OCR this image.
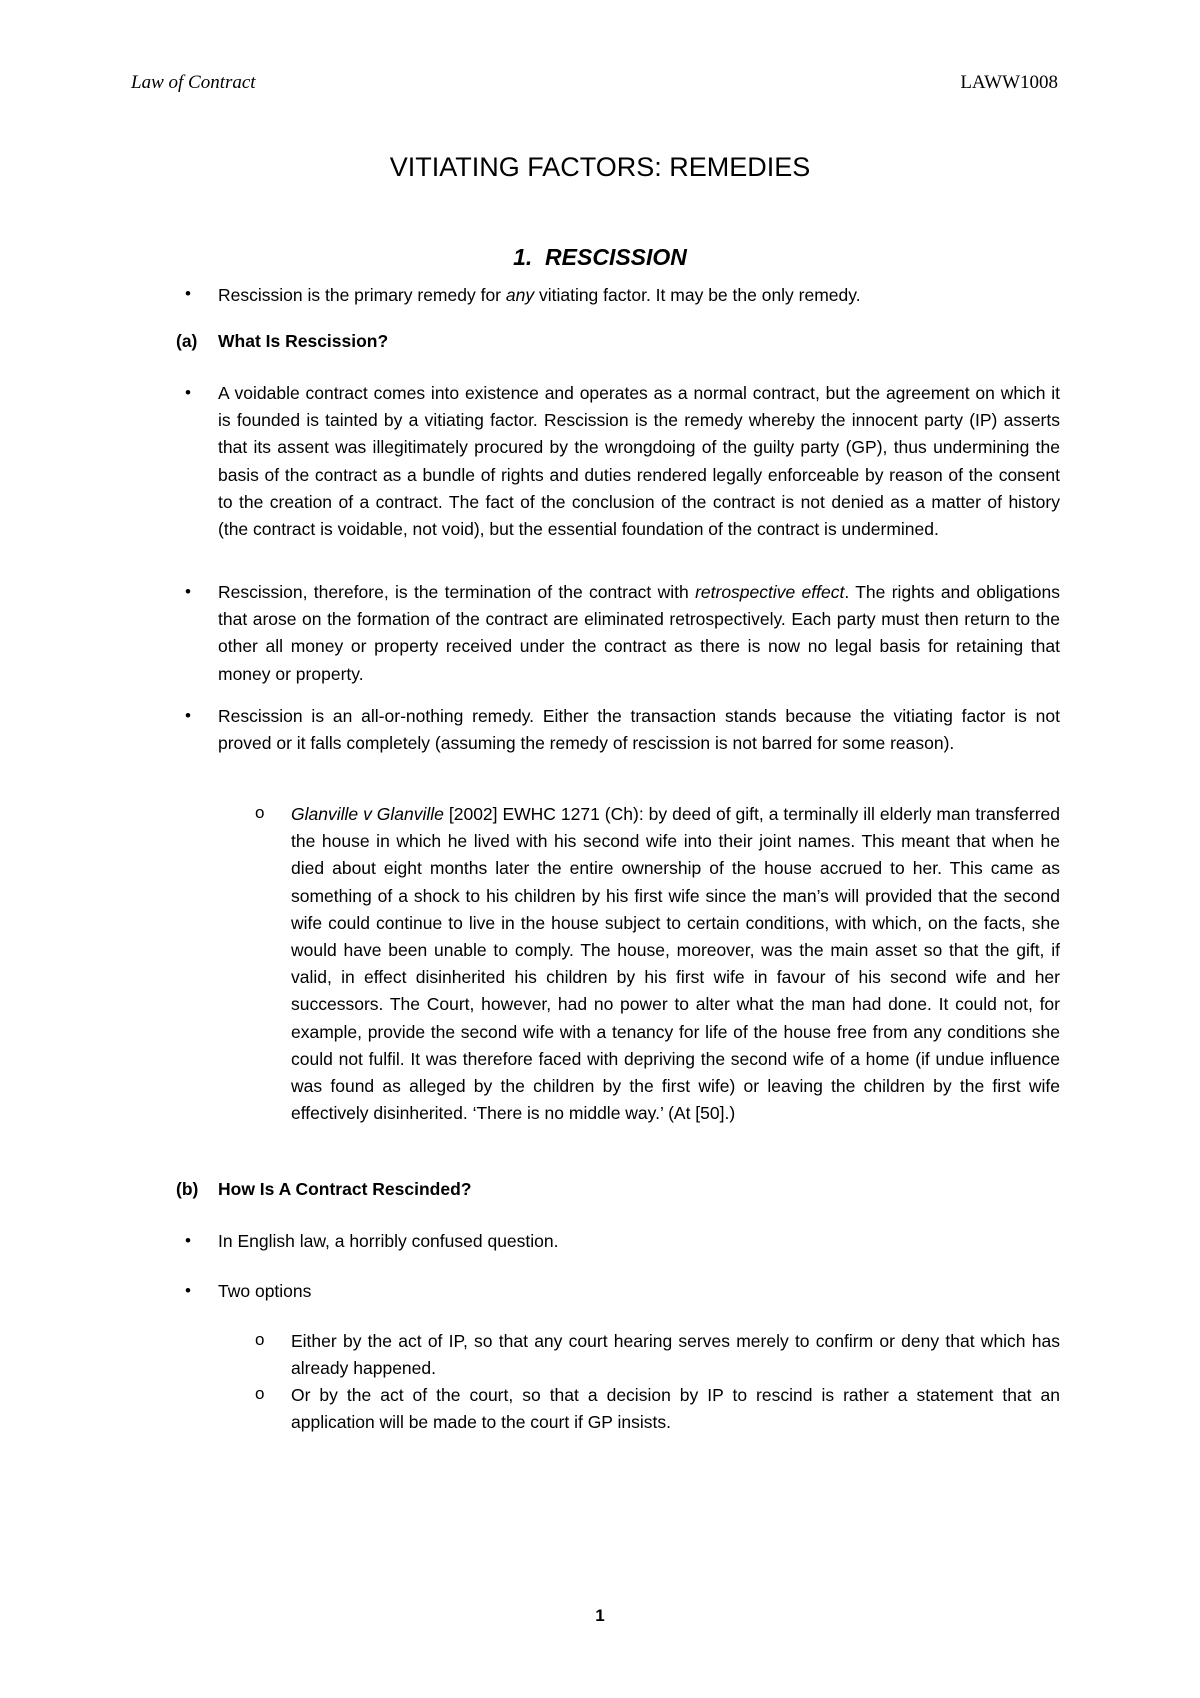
Law of Contract	LAWW1008
VITIATING FACTORS: REMEDIES
1.  RESCISSION
• Rescission is the primary remedy for any vitiating factor. It may be the only remedy.
(a) What Is Rescission?
• A voidable contract comes into existence and operates as a normal contract, but the agreement on which it is founded is tainted by a vitiating factor. Rescission is the remedy whereby the innocent party (IP) asserts that its assent was illegitimately procured by the wrongdoing of the guilty party (GP), thus undermining the basis of the contract as a bundle of rights and duties rendered legally enforceable by reason of the consent to the creation of a contract. The fact of the conclusion of the contract is not denied as a matter of history (the contract is voidable, not void), but the essential foundation of the contract is undermined.
• Rescission, therefore, is the termination of the contract with retrospective effect. The rights and obligations that arose on the formation of the contract are eliminated retrospectively. Each party must then return to the other all money or property received under the contract as there is now no legal basis for retaining that money or property.
• Rescission is an all-or-nothing remedy. Either the transaction stands because the vitiating factor is not proved or it falls completely (assuming the remedy of rescission is not barred for some reason).
o Glanville v Glanville [2002] EWHC 1271 (Ch): by deed of gift, a terminally ill elderly man transferred the house in which he lived with his second wife into their joint names. This meant that when he died about eight months later the entire ownership of the house accrued to her. This came as something of a shock to his children by his first wife since the man’s will provided that the second wife could continue to live in the house subject to certain conditions, with which, on the facts, she would have been unable to comply. The house, moreover, was the main asset so that the gift, if valid, in effect disinherited his children by his first wife in favour of his second wife and her successors. The Court, however, had no power to alter what the man had done. It could not, for example, provide the second wife with a tenancy for life of the house free from any conditions she could not fulfil. It was therefore faced with depriving the second wife of a home (if undue influence was found as alleged by the children by the first wife) or leaving the children by the first wife effectively disinherited. ‘There is no middle way.’ (At [50].)
(b) How Is A Contract Rescinded?
• In English law, a horribly confused question.
• Two options
o Either by the act of IP, so that any court hearing serves merely to confirm or deny that which has already happened.
o Or by the act of the court, so that a decision by IP to rescind is rather a statement that an application will be made to the court if GP insists.
1
